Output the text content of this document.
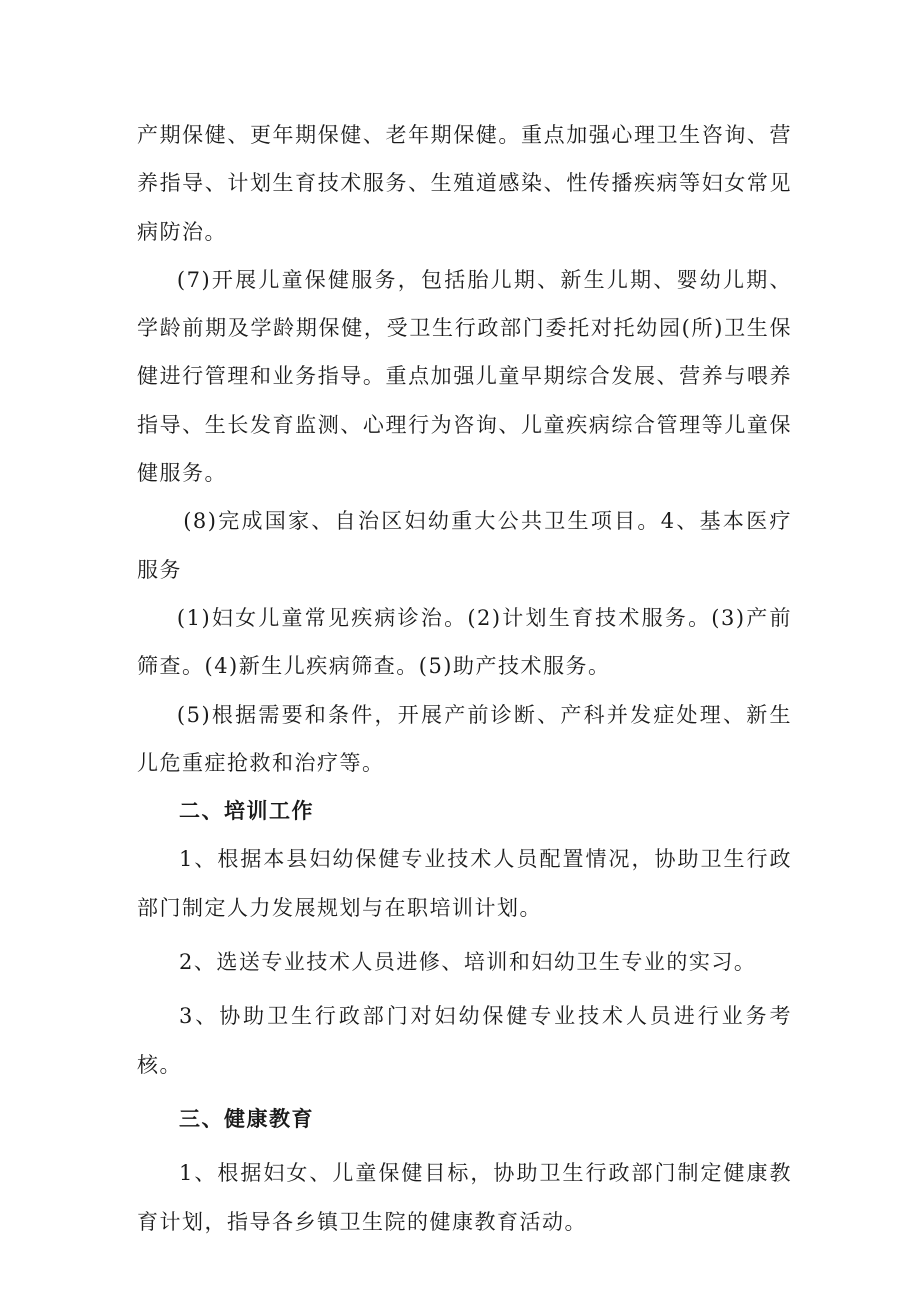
产期保健、更年期保健、老年期保健。重点加强心理卫生咨询、营养指导、计划生育技术服务、生殖道感染、性传播疾病等妇女常见病防治。

(7)开展儿童保健服务，包括胎儿期、新生儿期、婴幼儿期、学龄前期及学龄期保健，受卫生行政部门委托对托幼园(所)卫生保健进行管理和业务指导。重点加强儿童早期综合发展、营养与喂养指导、生长发育监测、心理行为咨询、儿童疾病综合管理等儿童保健服务。

(8)完成国家、自治区妇幼重大公共卫生项目。4、基本医疗服务

(1)妇女儿童常见疾病诊治。(2)计划生育技术服务。(3)产前筛查。(4)新生儿疾病筛查。(5)助产技术服务。

(5)根据需要和条件，开展产前诊断、产科并发症处理、新生儿危重症抢救和治疗等。

二、培训工作

1、根据本县妇幼保健专业技术人员配置情况，协助卫生行政部门制定人力发展规划与在职培训计划。

2、选送专业技术人员进修、培训和妇幼卫生专业的实习。

3、协助卫生行政部门对妇幼保健专业技术人员进行业务考核。

三、健康教育

1、根据妇女、儿童保健目标，协助卫生行政部门制定健康教育计划，指导各乡镇卫生院的健康教育活动。
